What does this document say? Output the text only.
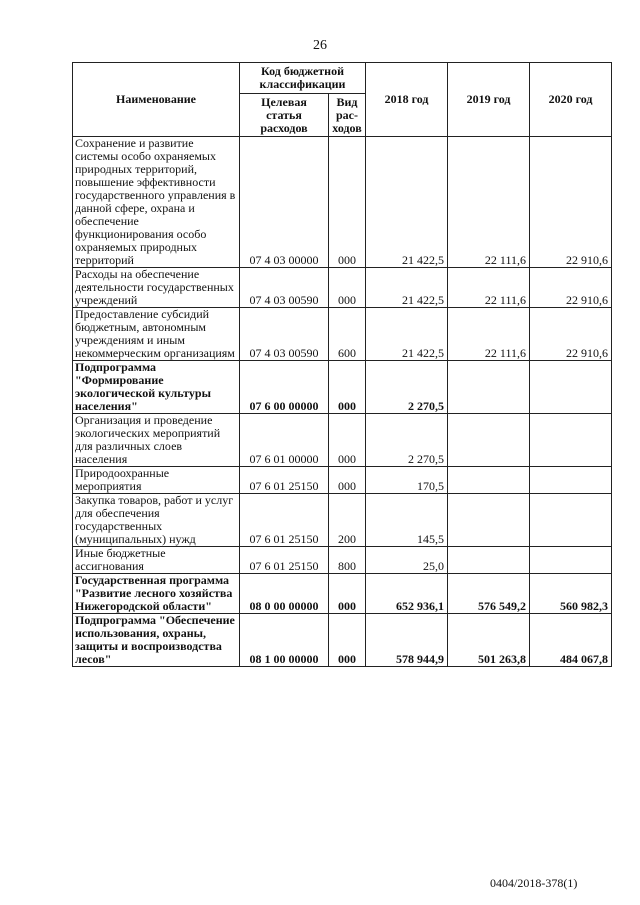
26
Наименование	Код бюджетной классификации		2018 год	2019 год	2020 год
	Целевая статья расходов	Вид рас-ходов			
Сохранение и развитие системы особо охраняемых природных территорий, повышение эффективности государственного управления в данной сфере, охрана и обеспечение функционирования особо охраняемых природных территорий	07 4 03 00000	000	21 422,5	22 111,6	22 910,6
Расходы на обеспечение деятельности государственных учреждений	07 4 03 00590	000	21 422,5	22 111,6	22 910,6
Предоставление субсидий бюджетным, автономным учреждениям и иным некоммерческим организациям	07 4 03 00590	600	21 422,5	22 111,6	22 910,6
Подпрограмма "Формирование экологической культуры населения"	07 6 00 00000	000	2 270,5		
Организация и проведение экологических мероприятий для различных слоев населения	07 6 01 00000	000	2 270,5		
Природоохранные мероприятия	07 6 01 25150	000	170,5		
Закупка товаров, работ и услуг для обеспечения государственных (муниципальных) нужд	07 6 01 25150	200	145,5		
Иные бюджетные ассигнования	07 6 01 25150	800	25,0		
Государственная программа "Развитие лесного хозяйства Нижегородской области"	08 0 00 00000	000	652 936,1	576 549,2	560 982,3
Подпрограмма "Обеспечение использования, охраны, защиты и воспроизводства лесов"	08 1 00 00000	000	578 944,9	501 263,8	484 067,8
0404/2018-378(1)
